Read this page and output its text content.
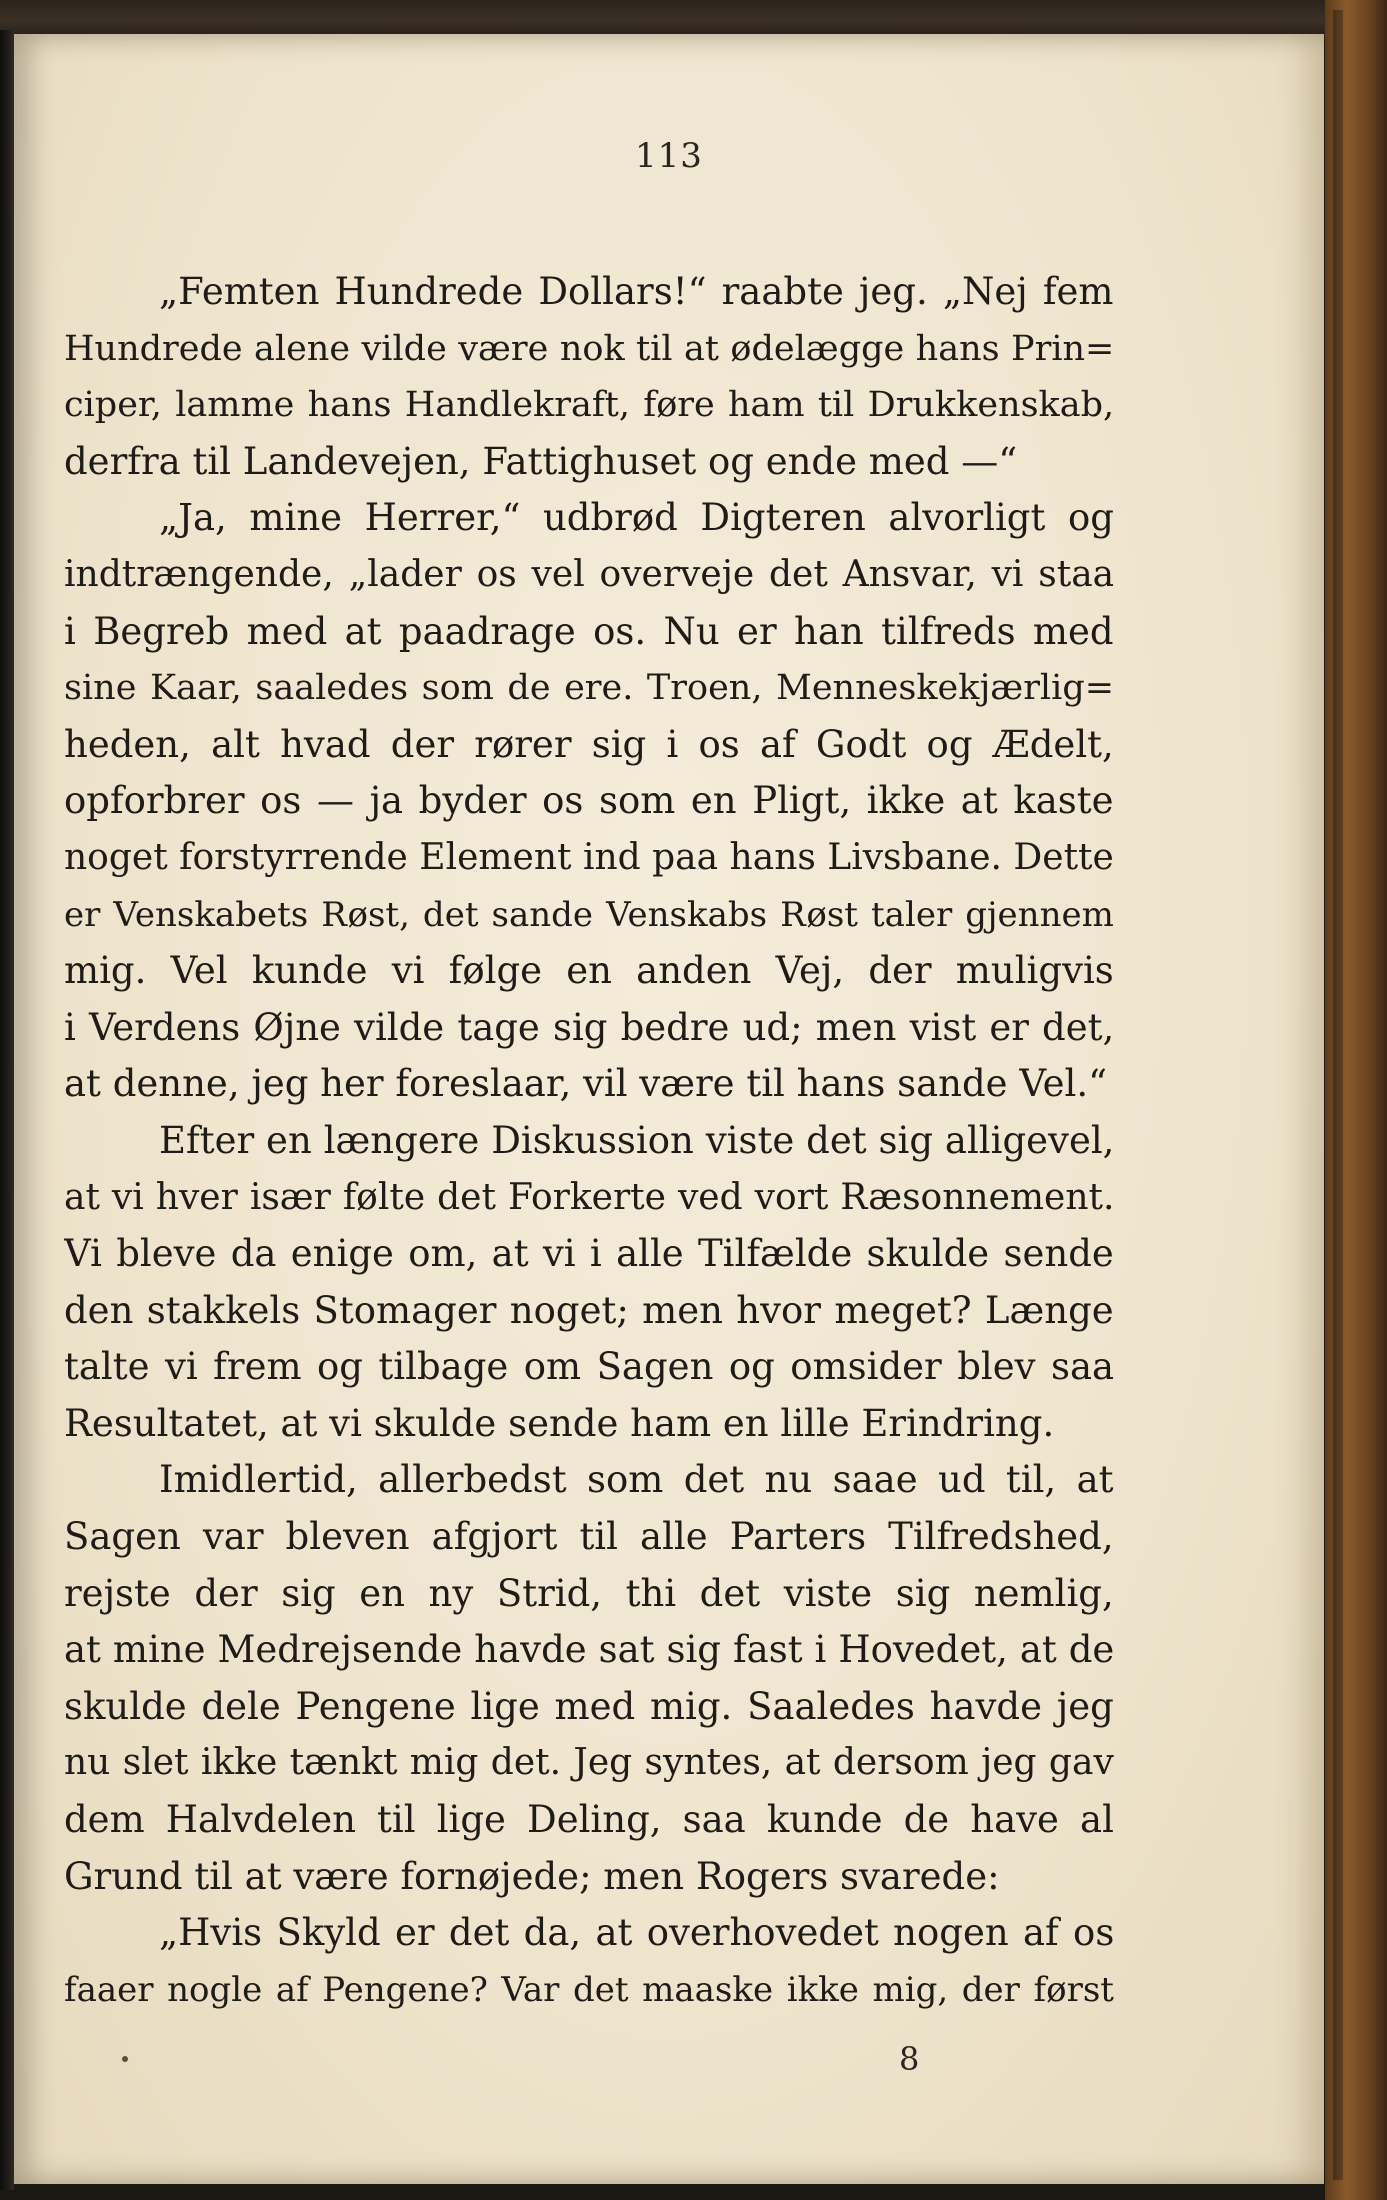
113
„Femten Hundrede Dollars!“ raabte jeg. „Nej fem
Hundrede alene vilde være nok til at ødelægge hans Prin=
ciper, lamme hans Handlekraft, føre ham til Drukkenskab,
derfra til Landevejen, Fattighuset og ende med —“
„Ja, mine Herrer,“ udbrød Digteren alvorligt og
indtrængende, „lader os vel overveje det Ansvar, vi staa
i Begreb med at paadrage os. Nu er han tilfreds med
sine Kaar, saaledes som de ere. Troen, Menneskekjærlig=
heden, alt hvad der rører sig i os af Godt og Ædelt,
opforbrer os — ja byder os som en Pligt, ikke at kaste
noget forstyrrende Element ind paa hans Livsbane. Dette
er Venskabets Røst, det sande Venskabs Røst taler gjennem
mig. Vel kunde vi følge en anden Vej, der muligvis
i Verdens Øjne vilde tage sig bedre ud; men vist er det,
at denne, jeg her foreslaar, vil være til hans sande Vel.“
Efter en længere Diskussion viste det sig alligevel,
at vi hver især følte det Forkerte ved vort Ræsonnement.
Vi bleve da enige om, at vi i alle Tilfælde skulde sende
den stakkels Stomager noget; men hvor meget? Længe
talte vi frem og tilbage om Sagen og omsider blev saa
Resultatet, at vi skulde sende ham en lille Erindring.
Imidlertid, allerbedst som det nu saae ud til, at
Sagen var bleven afgjort til alle Parters Tilfredshed,
rejste der sig en ny Strid, thi det viste sig nemlig,
at mine Medrejsende havde sat sig fast i Hovedet, at de
skulde dele Pengene lige med mig. Saaledes havde jeg
nu slet ikke tænkt mig det. Jeg syntes, at dersom jeg gav
dem Halvdelen til lige Deling, saa kunde de have al
Grund til at være fornøjede; men Rogers svarede:
„Hvis Skyld er det da, at overhovedet nogen af os
faaer nogle af Pengene? Var det maaske ikke mig, der først
8
